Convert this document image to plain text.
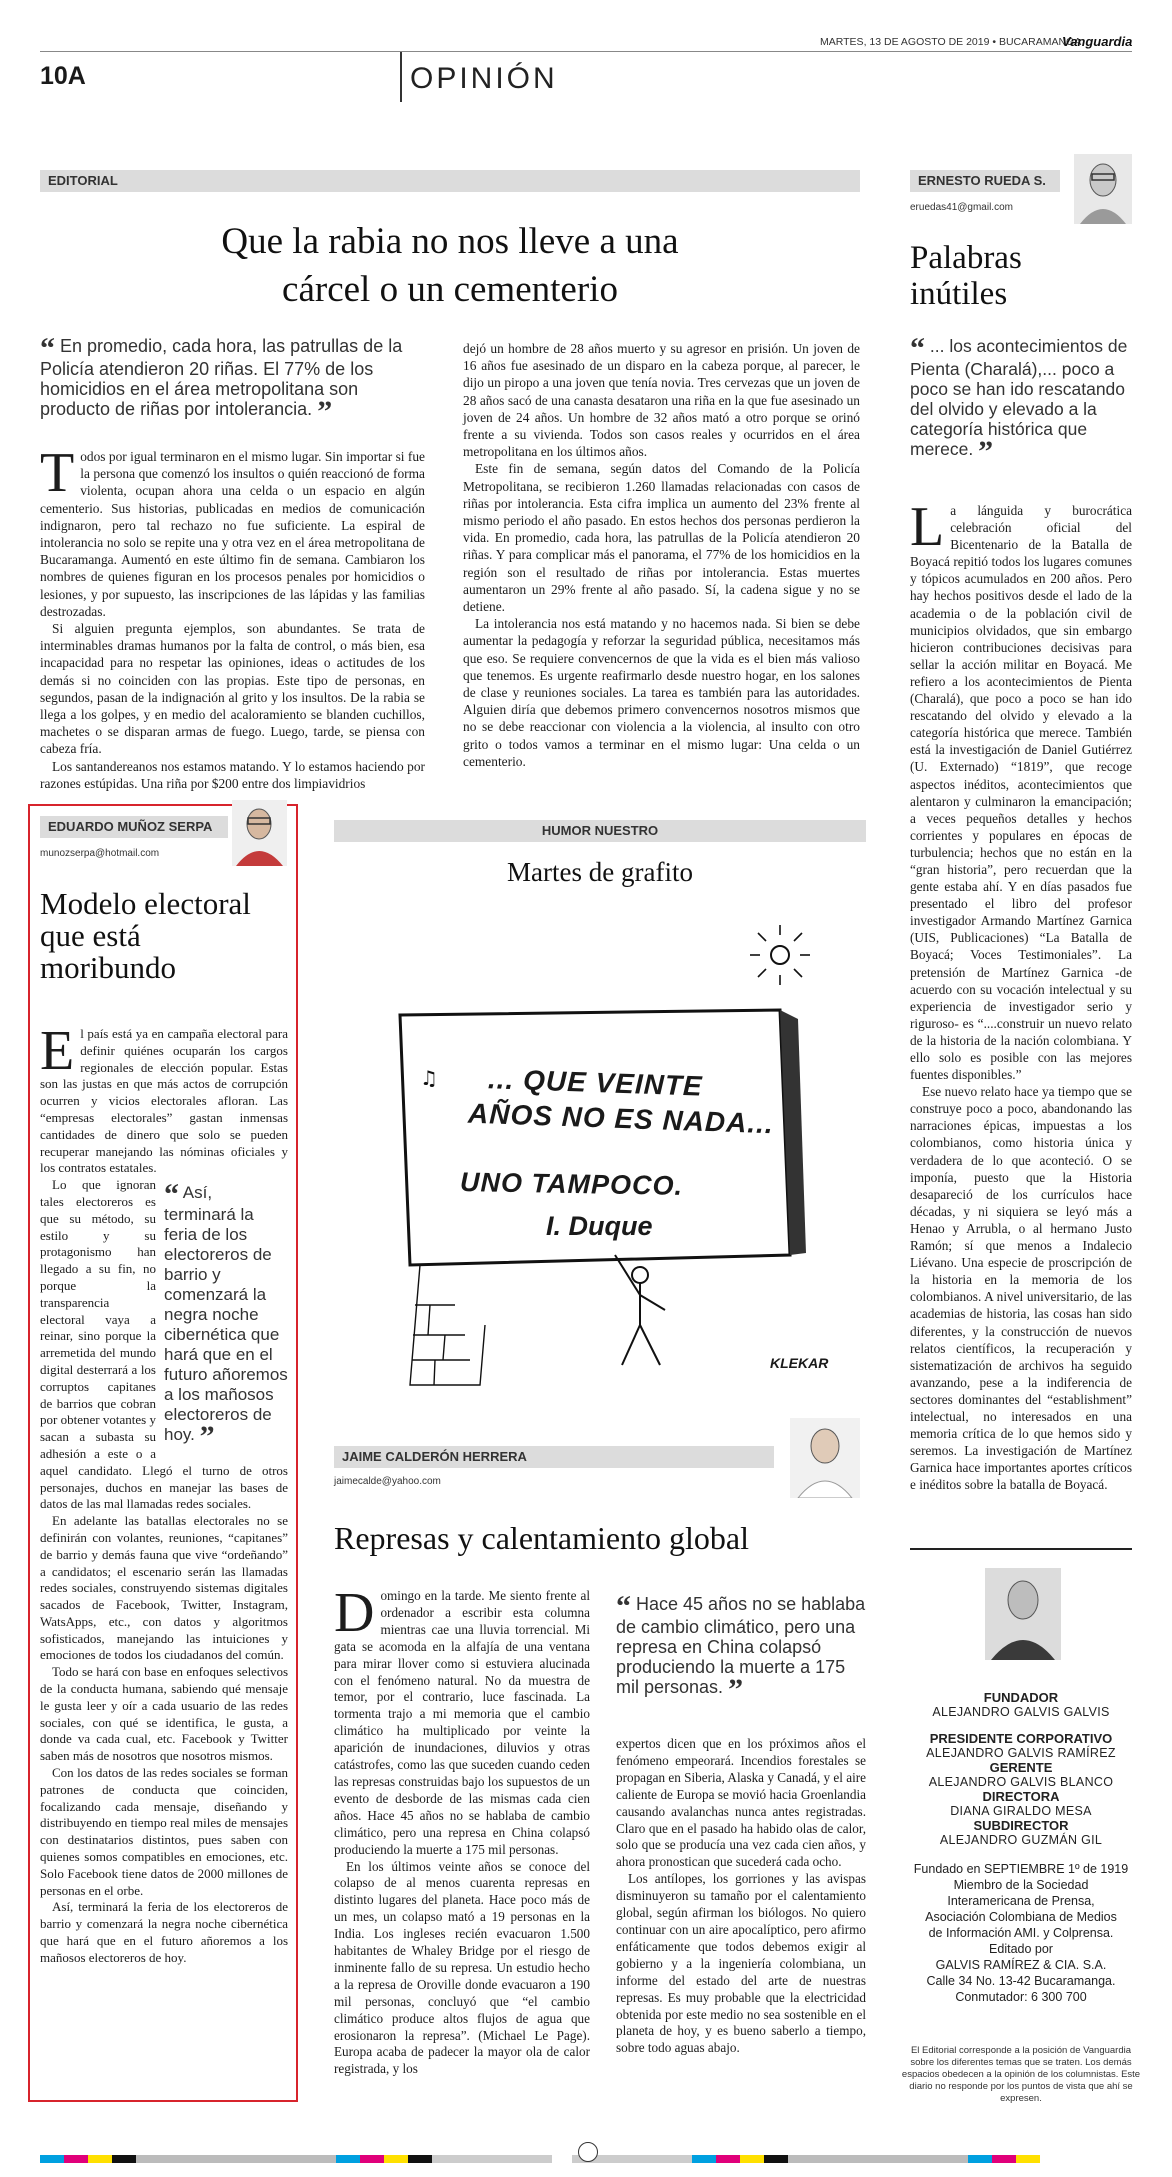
10A	OPINIÓN
MARTES, 13 DE AGOSTO DE 2019 • BUCARAMANGA
Vanguardia
EDITORIAL
Que la rabia no nos lleve a una
cárcel o un cementerio
“ En promedio, cada hora, las patrullas de la Policía atendieron 20 riñas. El 77% de los homicidios en el área metropolitana son producto de riñas por intolerancia. ”

Todos por igual terminaron en el mismo lugar. Sin importar si fue la persona que comenzó los insultos o quién reaccionó de forma violenta, ocupan ahora una celda o un espacio en algún cementerio. Sus historias, publicadas en medios de comunicación indignaron, pero tal rechazo no fue suficiente. La espiral de intolerancia no solo se repite una y otra vez en el área metropolitana de Bucaramanga. Aumentó en este último fin de semana. Cambiaron los nombres de quienes figuran en los procesos penales por homicidios o lesiones, y por supuesto, las inscripciones de las lápidas y las familias destrozadas.

Si alguien pregunta ejemplos, son abundantes. Se trata de interminables dramas humanos por la falta de control, o más bien, esa incapacidad para no respetar las opiniones, ideas o actitudes de los demás si no coinciden con las propias. Este tipo de personas, en segundos, pasan de la indignación al grito y los insultos. De la rabia se llega a los golpes, y en medio del acaloramiento se blanden cuchillos, machetes o se disparan armas de fuego. Luego, tarde, se piensa con cabeza fría.

Los santandereanos nos estamos matando. Y lo estamos haciendo por razones estúpidas. Una riña por $200 entre dos limpiavidrios

dejó un hombre de 28 años muerto y su agresor en prisión. Un joven de 16 años fue asesinado de un disparo en la cabeza porque, al parecer, le dijo un piropo a una joven que tenía novia. Tres cervezas que un joven de 28 años sacó de una canasta desataron una riña en la que fue asesinado un joven de 24 años. Un hombre de 32 años mató a otro porque se orinó frente a su vivienda. Todos son casos reales y ocurridos en el área metropolitana en los últimos años.

Este fin de semana, según datos del Comando de la Policía Metropolitana, se recibieron 1.260 llamadas relacionadas con casos de riñas por intolerancia. Esta cifra implica un aumento del 23% frente al mismo periodo el año pasado. En estos hechos dos personas perdieron la vida. En promedio, cada hora, las patrullas de la Policía atendieron 20 riñas. Y para complicar más el panorama, el 77% de los homicidios en la región son el resultado de riñas por intolerancia. Estas muertes aumentaron un 29% frente al año pasado. Sí, la cadena sigue y no se detiene.

La intolerancia nos está matando y no hacemos nada. Si bien se debe aumentar la pedagogía y reforzar la seguridad pública, necesitamos más que eso. Se requiere convencernos de que la vida es el bien más valioso que tenemos. Es urgente reafirmarlo desde nuestro hogar, en los salones de clase y reuniones sociales. La tarea es también para las autoridades. Alguien diría que debemos primero convencernos nosotros mismos que no se debe reaccionar con violencia a la violencia, al insulto con otro grito o todos vamos a terminar en el mismo lugar: Una celda o un cementerio.

ERNESTO RUEDA S.
eruedas41@gmail.com
Palabras
inútiles
“ ... los acontecimientos de Pienta (Charalá),... poco a poco se han ido rescatando del olvido y elevado a la categoría histórica que merece. ”

La lánguida y burocrática celebración oficial del Bicentenario de la Batalla de Boyacá repitió todos los lugares comunes y tópicos acumulados en 200 años. Pero hay hechos positivos desde el lado de la academia o de la población civil de municipios olvidados, que sin embargo hicieron contribuciones decisivas para sellar la acción militar en Boyacá. Me refiero a los acontecimientos de Pienta (Charalá), que poco a poco se han ido rescatando del olvido y elevado a la categoría histórica que merece. También está la investigación de Daniel Gutiérrez (U. Externado) “1819”, que recoge aspectos inéditos, acontecimientos que alentaron y culminaron la emancipación; a veces pequeños detalles y hechos corrientes y populares en épocas de turbulencia; hechos que no están en la “gran historia”, pero recuerdan que la gente estaba ahí. Y en días pasados fue presentado el libro del profesor investigador Armando Martínez Garnica (UIS, Publicaciones) “La Batalla de Boyacá; Voces Testimoniales”. La pretensión de Martínez Garnica -de acuerdo con su vocación intelectual y su experiencia de investigador serio y riguroso- es “....construir un nuevo relato de la historia de la nación colombiana. Y ello solo es posible con las mejores fuentes disponibles.”

Ese nuevo relato hace ya tiempo que se construye poco a poco, abandonando las narraciones épicas, impuestas a los colombianos, como historia única y verdadera de lo que aconteció. O se imponía, puesto que la Historia desapareció de los currículos hace décadas, y ni siquiera se leyó más a Henao y Arrubla, o al hermano Justo Ramón; sí que menos a Indalecio Liévano. Una especie de proscripción de la historia en la memoria de los colombianos. A nivel universitario, de las academias de historia, las cosas han sido diferentes, y la construcción de nuevos relatos científicos, la recuperación y sistematización de archivos ha seguido avanzando, pese a la indiferencia de sectores dominantes del “establishment” intelectual, no interesados en una memoria crítica de lo que hemos sido y seremos. La investigación de Martínez Garnica hace importantes aportes críticos e inéditos sobre la batalla de Boyacá.

EDUARDO MUÑOZ SERPA
munozserpa@hotmail.com
Modelo electoral
que está
moribundo

El país está ya en campaña electoral para definir quiénes ocuparán los cargos regionales de elección popular. Estas son las justas en que más actos de corrupción ocurren y vicios electorales afloran. Las “empresas electorales” gastan inmensas cantidades de dinero que solo se pueden recuperar manejando las nóminas oficiales y los contratos estatales.

“ Así, terminará la feria de los electoreros de barrio y comenzará la negra noche cibernética que hará que en el futuro añoremos a los mañosos electoreros de hoy. ”
Lo que ignoran tales electoreros es que su método, su estilo y su protagonismo han llegado a su fin, no porque la transparencia electoral vaya a reinar, sino porque la arremetida del mundo digital desterrará a los corruptos capitanes de barrios que cobran por obtener votantes y sacan a subasta su adhesión a este o a aquel candidato. Llegó el turno de otros personajes, duchos en manejar las bases de datos de las mal llamadas redes sociales.

En adelante las batallas electorales no se definirán con volantes, reuniones, “capitanes” de barrio y demás fauna que vive “ordeñando” a candidatos; el escenario serán las llamadas redes sociales, construyendo sistemas digitales sacados de Facebook, Twitter, Instagram, WatsApps, etc., con datos y algoritmos sofisticados, manejando las intuiciones y emociones de todos los ciudadanos del común.

Todo se hará con base en enfoques selectivos de la conducta humana, sabiendo qué mensaje le gusta leer y oír a cada usuario de las redes sociales, con qué se identifica, le gusta, a donde va cada cual, etc. Facebook y Twitter saben más de nosotros que nosotros mismos.

Con los datos de las redes sociales se forman patrones de conducta que coinciden, focalizando cada mensaje, diseñando y distribuyendo en tiempo real miles de mensajes con destinatarios distintos, pues saben con quienes somos compatibles en emociones, etc. Solo Facebook tiene datos de 2000 millones de personas en el orbe.

Así, terminará la feria de los electoreros de barrio y comenzará la negra noche cibernética que hará que en el futuro añoremos a los mañosos electoreros de hoy.

HUMOR NUESTRO
Martes de grafito
♫ ... QUE VEINTE
AÑOS NO ES NADA...
UNO TAMPOCO.
I. Duque
KLEKAR
JAIME CALDERÓN HERRERA
jaimecalde@yahoo.com
Represas y calentamiento global

Domingo en la tarde. Me siento frente al ordenador a escribir esta columna mientras cae una lluvia torrencial. Mi gata se acomoda en la alfajía de una ventana para mirar llover como si estuviera alucinada con el fenómeno natural. No da muestra de temor, por el contrario, luce fascinada. La tormenta trajo a mi memoria que el cambio climático ha multiplicado por veinte la aparición de inundaciones, diluvios y otras catástrofes, como las que suceden cuando ceden las represas construidas bajo los supuestos de un evento de desborde de las mismas cada cien años. Hace 45 años no se hablaba de cambio climático, pero una represa en China colapsó produciendo la muerte a 175 mil personas.

En los últimos veinte años se conoce del colapso de al menos cuarenta represas en distinto lugares del planeta. Hace poco más de un mes, un colapso mató a 19 personas en la India. Los ingleses recién evacuaron 1.500 habitantes de Whaley Bridge por el riesgo de inminente fallo de su represa. Un estudio hecho a la represa de Oroville donde evacuaron a 190 mil personas, concluyó que “el cambio climático produce altos flujos de agua que erosionaron la represa”. (Michael Le Page). Europa acaba de padecer la mayor ola de calor registrada, y los

“ Hace 45 años no se hablaba de cambio climático, pero una represa en China colapsó produciendo la muerte a 175 mil personas. ”

expertos dicen que en los próximos años el fenómeno empeorará. Incendios forestales se propagan en Siberia, Alaska y Canadá, y el aire caliente de Europa se movió hacia Groenlandia causando avalanchas nunca antes registradas. Claro que en el pasado ha habido olas de calor, solo que se producía una vez cada cien años, y ahora pronostican que sucederá cada ocho.

Los antílopes, los gorriones y las avispas disminuyeron su tamaño por el calentamiento global, según afirman los biólogos. No quiero continuar con un aire apocalíptico, pero afirmo enfáticamente que todos debemos exigir al gobierno y a la ingeniería colombiana, un informe del estado del arte de nuestras represas. Es muy probable que la electricidad obtenida por este medio no sea sostenible en el planeta de hoy, y es bueno saberlo a tiempo, sobre todo aguas abajo.

FUNDADOR
ALEJANDRO GALVIS GALVIS
PRESIDENTE CORPORATIVO
ALEJANDRO GALVIS RAMÍREZ
GERENTE
ALEJANDRO GALVIS BLANCO
DIRECTORA
DIANA GIRALDO MESA
SUBDIRECTOR
ALEJANDRO GUZMÁN GIL
Fundado en SEPTIEMBRE 1º de 1919
Miembro de la Sociedad
Interamericana de Prensa,
Asociación Colombiana de Medios
de Información AMI. y Colprensa.
Editado por
GALVIS RAMÍREZ & CIA. S.A.
Calle 34 No. 13-42 Bucaramanga.
Conmutador: 6 300 700
El Editorial corresponde a la posición de Vanguardia sobre los diferentes temas que se traten. Los demás espacios obedecen a la opinión de los columnistas. Este diario no responde por los puntos de vista que ahí se expresen.
